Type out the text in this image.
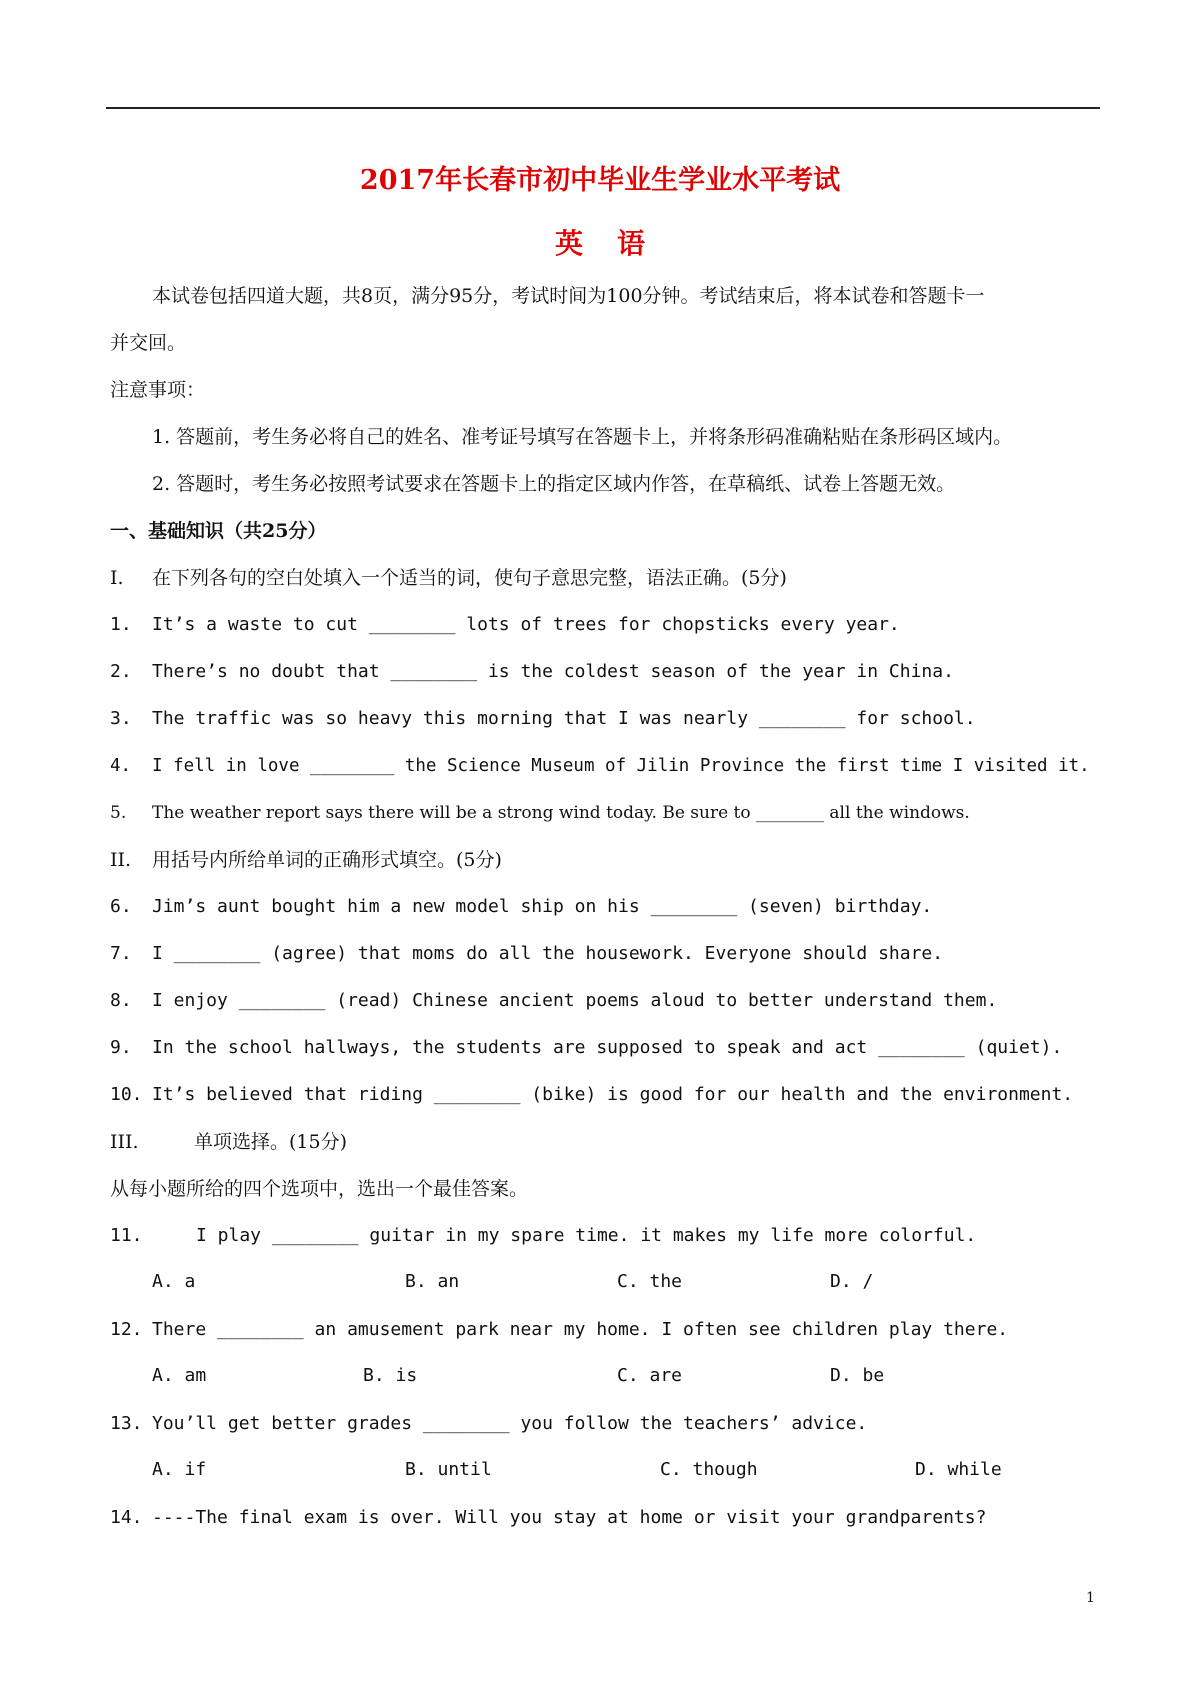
2017年长春市初中毕业生学业水平考试
英语
本试卷包括四道大题，共8页，满分95分，考试时间为100分钟。考试结束后，将本试卷和答题卡一
并交回。
注意事项：
1. 答题前，考生务必将自己的姓名、准考证号填写在答题卡上，并将条形码准确粘贴在条形码区域内。
2. 答题时，考生务必按照考试要求在答题卡上的指定区域内作答，在草稿纸、试卷上答题无效。
一、基础知识（共25分）
I. 在下列各句的空白处填入一个适当的词，使句子意思完整，语法正确。(5分)
1. It’s a waste to cut ________ lots of trees for chopsticks every year.
2. There’s no doubt that ________ is the coldest season of the year in China.
3. The traffic was so heavy this morning that I was nearly ________ for school.
4. I fell in love ________ the Science Museum of Jilin Province the first time I visited it.
5. The weather report says there will be a strong wind today. Be sure to ________ all the windows.
II. 用括号内所给单词的正确形式填空。(5分)
6. Jim’s aunt bought him a new model ship on his ________ (seven) birthday.
7. I ________ (agree) that moms do all the housework. Everyone should share.
8. I enjoy ________ (read) Chinese ancient poems aloud to better understand them.
9. In the school hallways, the students are supposed to speak and act ________ (quiet).
10. It’s believed that riding ________ (bike) is good for our health and the environment.
III.	单项选择。(15分)
从每小题所给的四个选项中，选出一个最佳答案。
11.	I play ________ guitar in my spare time. it makes my life more colorful.
A. a	B. an	C. the	D. /
12. There ________ an amusement park near my home. I often see children play there.
A. am	B. is	C. are	D. be
13. You’ll get better grades ________ you follow the teachers’ advice.
A. if	B. until	C. though	D. while
14. ----The final exam is over. Will you stay at home or visit your grandparents?
1
